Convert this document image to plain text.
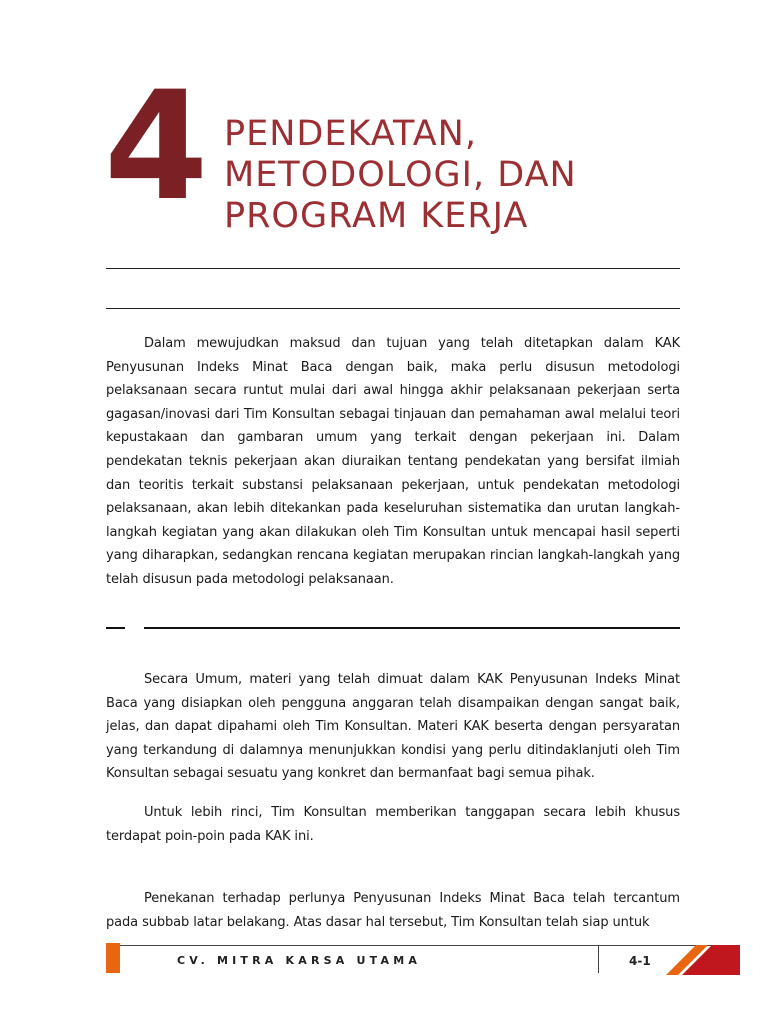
4 PENDEKATAN,
METODOLOGI, DAN
PROGRAM KERJA

Dalam mewujudkan maksud dan tujuan yang telah ditetapkan dalam KAK Penyusunan Indeks Minat Baca dengan baik, maka perlu disusun metodologi pelaksanaan secara runtut mulai dari awal hingga akhir pelaksanaan pekerjaan serta gagasan/inovasi dari Tim Konsultan sebagai tinjauan dan pemahaman awal melalui teori kepustakaan dan gambaran umum yang terkait dengan pekerjaan ini. Dalam pendekatan teknis pekerjaan akan diuraikan tentang pendekatan yang bersifat ilmiah dan teoritis terkait substansi pelaksanaan pekerjaan, untuk pendekatan metodologi pelaksanaan, akan lebih ditekankan pada keseluruhan sistematika dan urutan langkah-langkah kegiatan yang akan dilakukan oleh Tim Konsultan untuk mencapai hasil seperti yang diharapkan, sedangkan rencana kegiatan merupakan rincian langkah-langkah yang telah disusun pada metodologi pelaksanaan.

Secara Umum, materi yang telah dimuat dalam KAK Penyusunan Indeks Minat Baca yang disiapkan oleh pengguna anggaran telah disampaikan dengan sangat baik, jelas, dan dapat dipahami oleh Tim Konsultan. Materi KAK beserta dengan persyaratan yang terkandung di dalamnya menunjukkan kondisi yang perlu ditindaklanjuti oleh Tim Konsultan sebagai sesuatu yang konkret dan bermanfaat bagi semua pihak.

Untuk lebih rinci, Tim Konsultan memberikan tanggapan secara lebih khusus terdapat poin-poin pada KAK ini.

Penekanan terhadap perlunya Penyusunan Indeks Minat Baca telah tercantum pada subbab latar belakang. Atas dasar hal tersebut, Tim Konsultan telah siap untuk

CV. MITRA KARSA UTAMA	4-1
